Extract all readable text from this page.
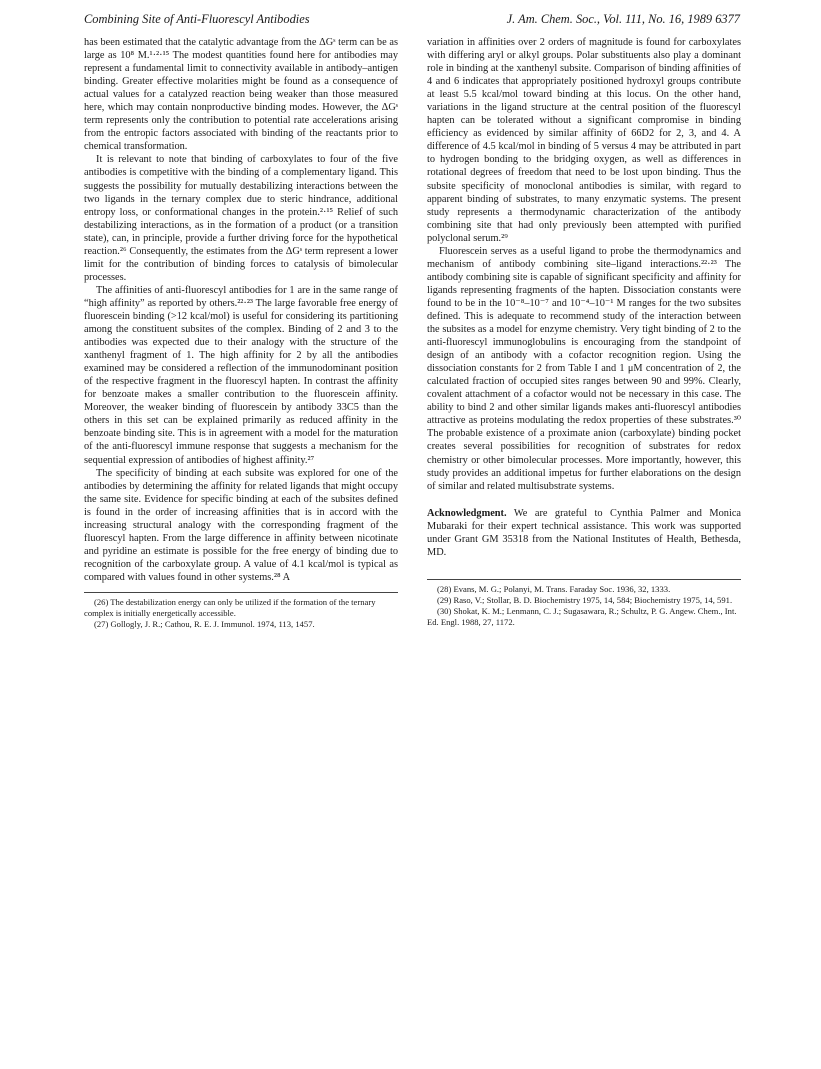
Combining Site of Anti-Fluorescyl Antibodies	J. Am. Chem. Soc., Vol. 111, No. 16, 1989 6377

has been estimated that the catalytic advantage from the ΔGˢ term can be as large as 10⁸ M.¹·²·¹⁵ The modest quantities found here for antibodies may represent a fundamental limit to connectivity available in antibody–antigen binding. Greater effective molarities might be found as a consequence of actual values for a catalyzed reaction being weaker than those measured here, which may contain nonproductive binding modes. However, the ΔGˢ term represents only the contribution to potential rate accelerations arising from the entropic factors associated with binding of the reactants prior to chemical transformation.

It is relevant to note that binding of carboxylates to four of the five antibodies is competitive with the binding of a complementary ligand. This suggests the possibility for mutually destabilizing interactions between the two ligands in the ternary complex due to steric hindrance, additional entropy loss, or conformational changes in the protein.²·¹⁵ Relief of such destabilizing interactions, as in the formation of a product (or a transition state), can, in principle, provide a further driving force for the hypothetical reaction.²⁶ Consequently, the estimates from the ΔGˢ term represent a lower limit for the contribution of binding forces to catalysis of bimolecular processes.

The affinities of anti-fluorescyl antibodies for 1 are in the same range of “high affinity” as reported by others.²²·²³ The large favorable free energy of fluorescein binding (>12 kcal/mol) is useful for considering its partitioning among the constituent subsites of the complex. Binding of 2 and 3 to the antibodies was expected due to their analogy with the structure of the xanthenyl fragment of 1. The high affinity for 2 by all the antibodies examined may be considered a reflection of the immunodominant position of the respective fragment in the fluorescyl hapten. In contrast the affinity for benzoate makes a smaller contribution to the fluorescein affinity. Moreover, the weaker binding of fluorescein by antibody 33C5 than the others in this set can be explained primarily as reduced affinity in the benzoate binding site. This is in agreement with a model for the maturation of the anti-fluorescyl immune response that suggests a mechanism for the sequential expression of antibodies of highest affinity.²⁷

The specificity of binding at each subsite was explored for one of the antibodies by determining the affinity for related ligands that might occupy the same site. Evidence for specific binding at each of the subsites defined is found in the order of increasing affinities that is in accord with the increasing structural analogy with the corresponding fragment of the fluorescyl hapten. From the large difference in affinity between nicotinate and pyridine an estimate is possible for the free energy of binding due to recognition of the carboxylate group. A value of 4.1 kcal/mol is typical as compared with values found in other systems.²⁸ A

(26) The destabilization energy can only be utilized if the formation of the ternary complex is initially energetically accessible.
(27) Gollogly, J. R.; Cathou, R. E. J. Immunol. 1974, 113, 1457.

variation in affinities over 2 orders of magnitude is found for carboxylates with differing aryl or alkyl groups. Polar substituents also play a dominant role in binding at the xanthenyl subsite. Comparison of binding affinities of 4 and 6 indicates that appropriately positioned hydroxyl groups contribute at least 5.5 kcal/mol toward binding at this locus. On the other hand, variations in the ligand structure at the central position of the fluorescyl hapten can be tolerated without a significant compromise in binding efficiency as evidenced by similar affinity of 66D2 for 2, 3, and 4. A difference of 4.5 kcal/mol in binding of 5 versus 4 may be attributed in part to hydrogen bonding to the bridging oxygen, as well as differences in rotational degrees of freedom that need to be lost upon binding. Thus the subsite specificity of monoclonal antibodies is similar, with regard to apparent binding of substrates, to many enzymatic systems. The present study represents a thermodynamic characterization of the antibody combining site that had only previously been attempted with purified polyclonal serum.²⁹

Fluorescein serves as a useful ligand to probe the thermodynamics and mechanism of antibody combining site–ligand interactions.²²·²³ The antibody combining site is capable of significant specificity and affinity for ligands representing fragments of the hapten. Dissociation constants were found to be in the 10⁻⁸–10⁻⁷ and 10⁻⁴–10⁻¹ M ranges for the two subsites defined. This is adequate to recommend study of the interaction between the subsites as a model for enzyme chemistry. Very tight binding of 2 to the anti-fluorescyl immunoglobulins is encouraging from the standpoint of design of an antibody with a cofactor recognition region. Using the dissociation constants for 2 from Table I and 1 μM concentration of 2, the calculated fraction of occupied sites ranges between 90 and 99%. Clearly, covalent attachment of a cofactor would not be necessary in this case. The ability to bind 2 and other similar ligands makes anti-fluorescyl antibodies attractive as proteins modulating the redox properties of these substrates.³⁰ The probable existence of a proximate anion (carboxylate) binding pocket creates several possibilities for recognition of substrates for redox chemistry or other bimolecular processes. More importantly, however, this study provides an additional impetus for further elaborations on the design of similar and related multisubstrate systems.

Acknowledgment. We are grateful to Cynthia Palmer and Monica Mubaraki for their expert technical assistance. This work was supported under Grant GM 35318 from the National Institutes of Health, Bethesda, MD.

(28) Evans, M. G.; Polanyi, M. Trans. Faraday Soc. 1936, 32, 1333.
(29) Raso, V.; Stollar, B. D. Biochemistry 1975, 14, 584; Biochemistry 1975, 14, 591.
(30) Shokat, K. M.; Lenmann, C. J.; Sugasawara, R.; Schultz, P. G. Angew. Chem., Int. Ed. Engl. 1988, 27, 1172.
